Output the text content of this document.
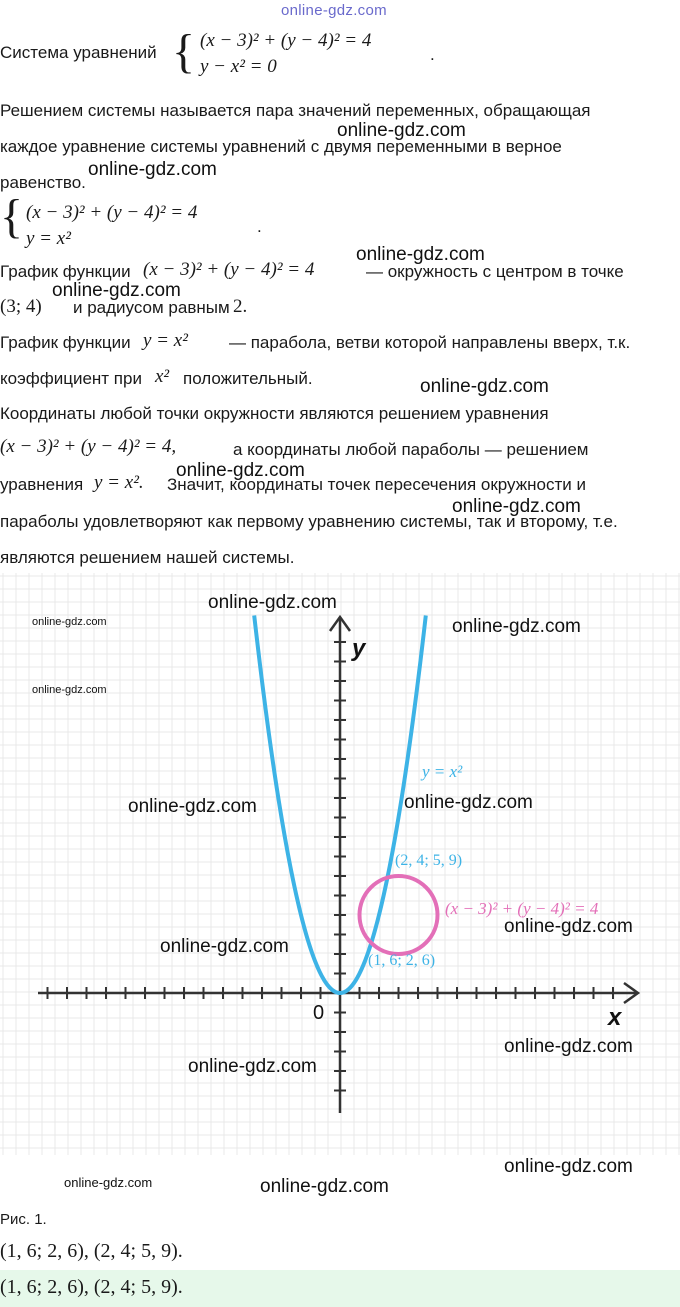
online-gdz.com
Система уравнений { (x − 3)² + (y − 4)² = 4
y − x² = 0
.
Решением системы называется пара значений переменных, обращающая
online-gdz.com
каждое уравнение системы уравнений с двумя переменными в верное
online-gdz.com
равенство.
{ (x − 3)² + (y − 4)² = 4
y = x²
.
online-gdz.com
График функции (x − 3)² + (y − 4)² = 4	— окружность с центром в точке
online-gdz.com
(3; 4) и радиусом равным 2.
График функции y = x² — парабола, ветви которой направлены вверх, т.к.
коэффициент при x² положительный.	online-gdz.com
Координаты любой точки окружности являются решением уравнения
(x − 3)² + (y − 4)² = 4,	а координаты любой параболы — решением
online-gdz.com
уравнения y = x². Значит, координаты точек пересечения окружности и
online-gdz.com
параболы удовлетворяют как первому уравнению системы, так и второму, т.е.
являются решением нашей системы.
y
x
0
y = x²
(x − 3)² + (y − 4)² = 4
(2, 4; 5, 9)
(1, 6; 2, 6)
online-gdz.com
online-gdz.com
online-gdz.com
online-gdz.com
online-gdz.com	online-gdz.com
online-gdz.com
online-gdz.com
online-gdz.com
online-gdz.com
online-gdz.com
online-gdz.com	online-gdz.com
Рис. 1.
(1, 6; 2, 6), (2, 4; 5, 9).
(1, 6; 2, 6), (2, 4; 5, 9).
